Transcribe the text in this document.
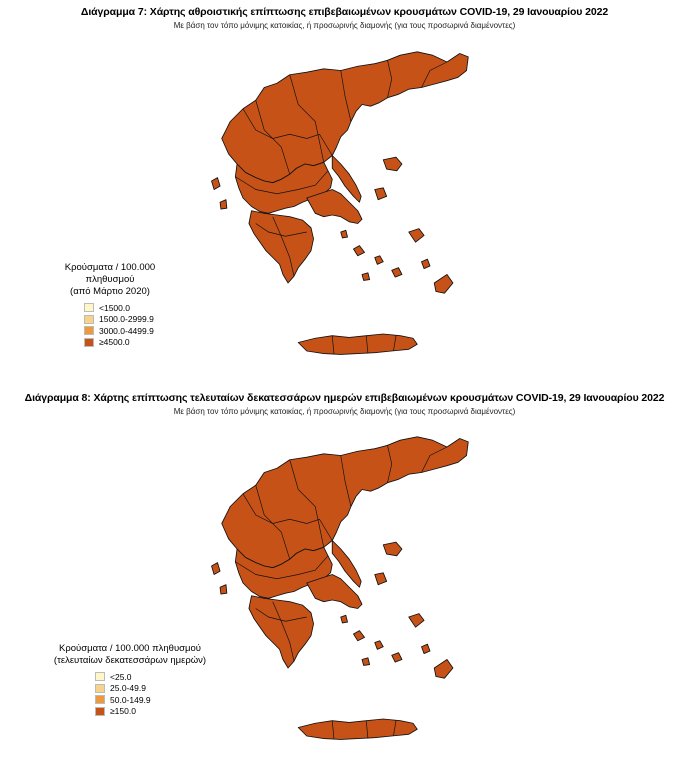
Διάγραμμα 7: Χάρτης αθροιστικής επίπτωσης επιβεβαιωμένων κρουσμάτων COVID-19, 29 Ιανουαρίου 2022
Με βάση τον τόπο μόνιμης κατοικίας, ή προσωρινής διαμονής (για τους προσωρινά διαμένοντες)
Κρούσματα / 100.000 πληθυσμού
(από Μάρτιο 2020)
<1500.0
1500.0-2999.9
3000.0-4499.9
≥4500.0
Διάγραμμα 8: Χάρτης επίπτωσης τελευταίων δεκατεσσάρων ημερών επιβεβαιωμένων κρουσμάτων COVID-19, 29 Ιανουαρίου 2022
Με βάση τον τόπο μόνιμης κατοικίας, ή προσωρινής διαμονής (για τους προσωρινά διαμένοντες)
Κρούσματα / 100.000 πληθυσμού
(τελευταίων δεκατεσσάρων ημερών)
<25.0
25.0-49.9
50.0-149.9
≥150.0
